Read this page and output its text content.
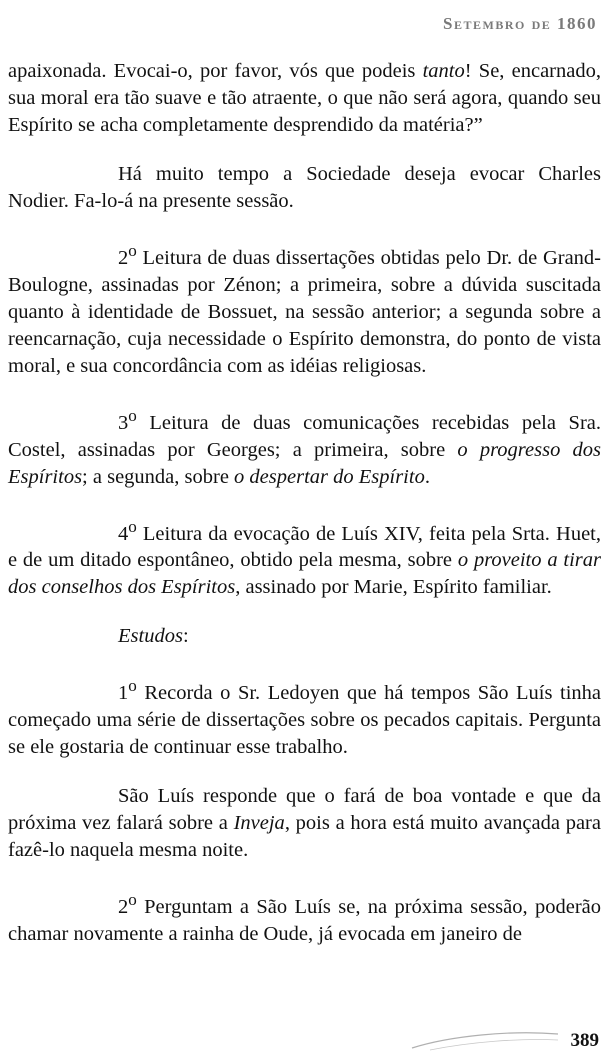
Setembro de 1860

apaixonada. Evocai-o, por favor, vós que podeis tanto! Se, encarnado, sua moral era tão suave e tão atraente, o que não será agora, quando seu Espírito se acha completamente desprendido da matéria?”

Há muito tempo a Sociedade deseja evocar Charles Nodier. Fa-lo-á na presente sessão.

2$^o$ Leitura de duas dissertações obtidas pelo Dr. de Grand-Boulogne, assinadas por Zénon; a primeira, sobre a dúvida suscitada quanto à identidade de Bossuet, na sessão anterior; a segunda sobre a reencarnação, cuja necessidade o Espírito demonstra, do ponto de vista moral, e sua concordância com as idéias religiosas.

3$^o$ Leitura de duas comunicações recebidas pela Sra. Costel, assinadas por Georges; a primeira, sobre o progresso dos Espíritos; a segunda, sobre o despertar do Espírito.

4$^o$ Leitura da evocação de Luís XIV, feita pela Srta. Huet, e de um ditado espontâneo, obtido pela mesma, sobre o proveito a tirar dos conselhos dos Espíritos, assinado por Marie, Espírito familiar.

Estudos:

1$^o$ Recorda o Sr. Ledoyen que há tempos São Luís tinha começado uma série de dissertações sobre os pecados capitais. Pergunta se ele gostaria de continuar esse trabalho.

São Luís responde que o fará de boa vontade e que da próxima vez falará sobre a Inveja, pois a hora está muito avançada para fazê-lo naquela mesma noite.

2$^o$ Perguntam a São Luís se, na próxima sessão, poderão chamar novamente a rainha de Oude, já evocada em janeiro de

389
